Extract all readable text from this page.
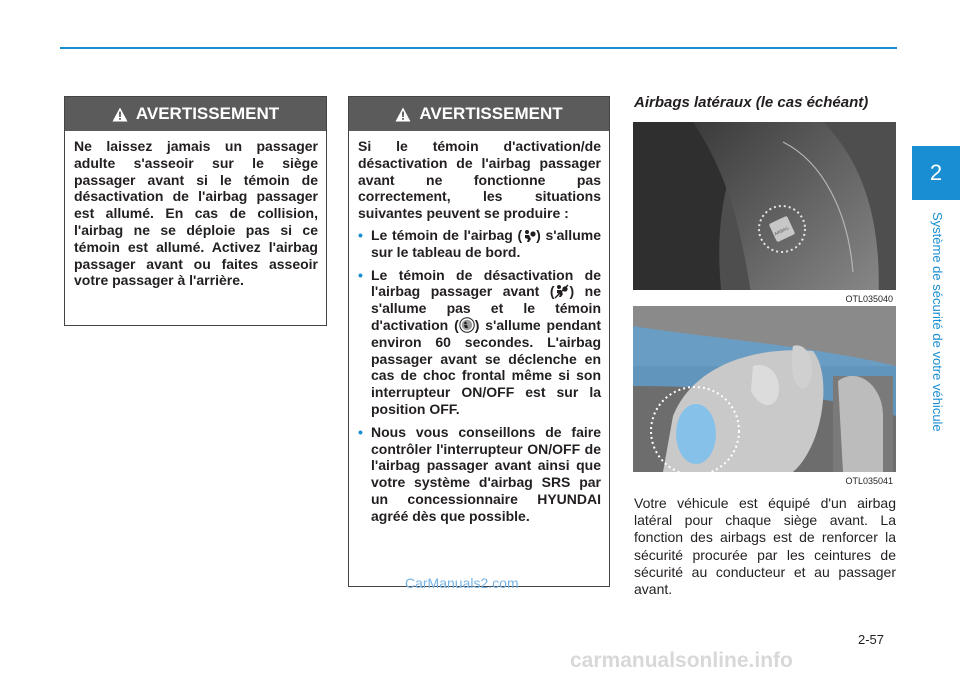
2
Système de sécurité de votre véhicule
AVERTISSEMENT

Ne laissez jamais un passager adulte s'asseoir sur le siège passager avant si le témoin de désactivation de l'airbag passager est allumé. En cas de collision, l'airbag ne se déploie pas si ce témoin est allumé. Activez l'airbag passager avant ou faites asseoir votre passager à l'arrière.

AVERTISSEMENT

Si le témoin d'activation/de désactivation de l'airbag passager avant ne fonctionne pas correctement, les situations suivantes peuvent se produire :

• Le témoin de l'airbag ( ) s'allume sur le tableau de bord.
• Le témoin de désactivation de l'airbag passager avant ( ) ne s'allume pas et le témoin d'activation ( ) s'allume pendant environ 60 secondes. L'airbag passager avant se déclenche en cas de choc frontal même si son interrupteur ON/OFF est sur la position OFF.
• Nous vous conseillons de faire contrôler l'interrupteur ON/OFF de l'airbag passager avant ainsi que votre système d'airbag SRS par un concessionnaire HYUNDAI agréé dès que possible.
Airbags latéraux (le cas échéant)
AIRBAG
OTL035040
OTL035041
Votre véhicule est équipé d'un airbag latéral pour chaque siège avant. La fonction des airbags est de renforcer la sécurité procurée par les ceintures de sécurité au conducteur et au passager avant.
2-57
CarManuals2.com
carmanualsonline.info
